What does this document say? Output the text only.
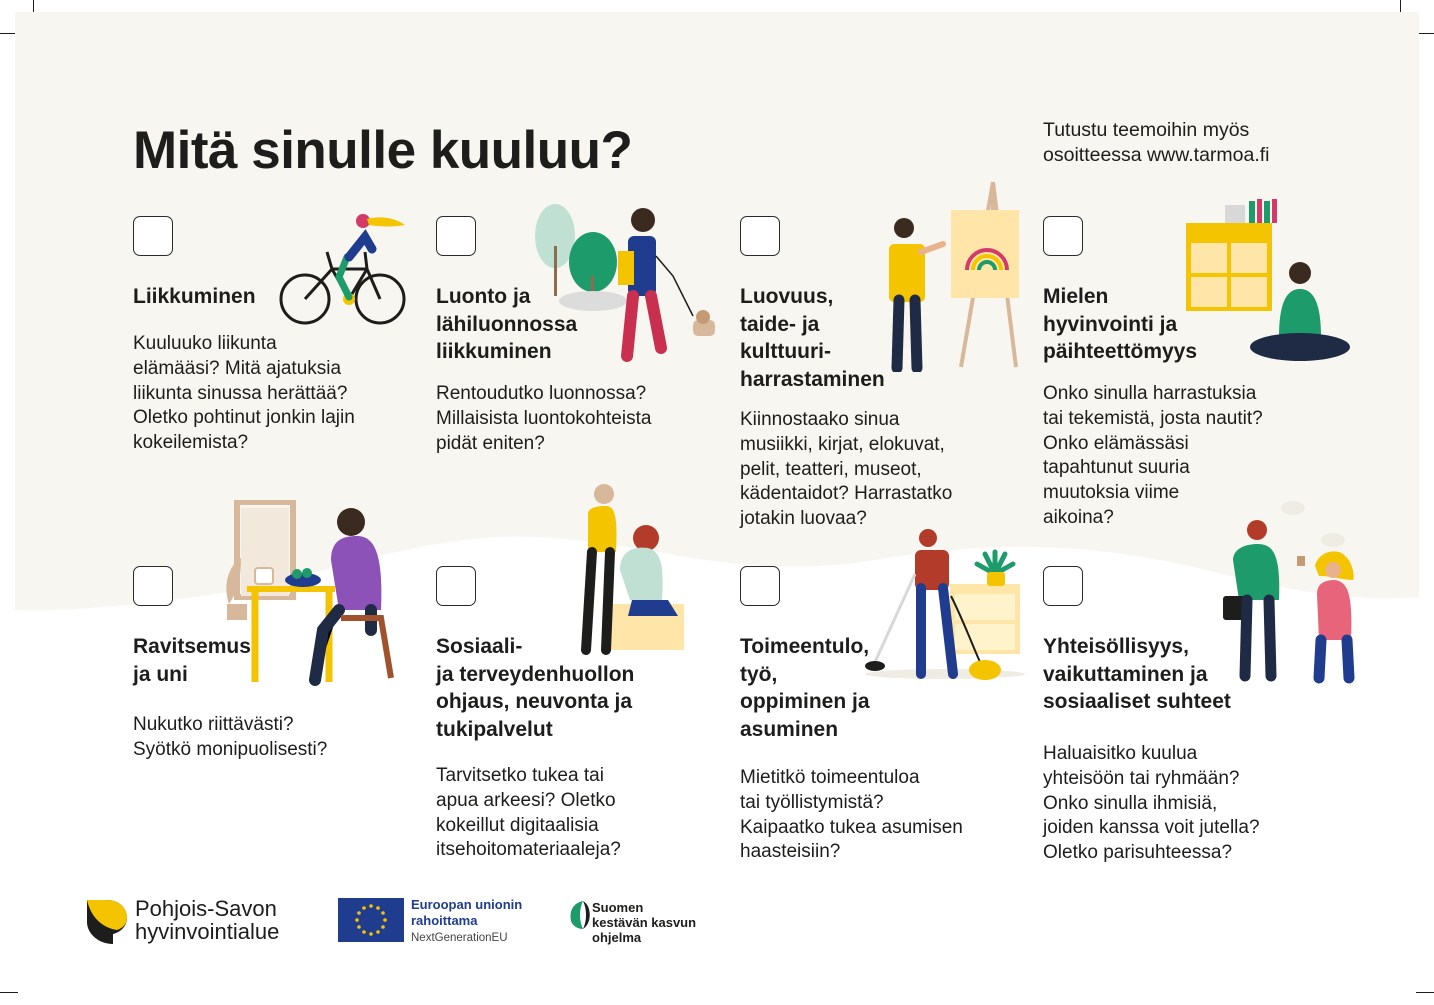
Mitä sinulle kuuluu?	Tutustu teemoihin myös
osoitteessa www.tarmoa.fi
Liikkuminen
Kuuluuko liikunta
elämääsi? Mitä ajatuksia
liikunta sinussa herättää?
Oletko pohtinut jonkin lajin
kokeilemista?
Luonto ja
lähiluonnossa
liikkuminen
Rentoudutko luonnossa?
Millaisista luontokohteista
pidät eniten?
Luovuus,
taide- ja
kulttuuri-
harrastaminen
Kiinnostaako sinua
musiikki, kirjat, elokuvat,
pelit, teatteri, museot,
kädentaidot? Harrastatko
jotakin luovaa?
Mielen
hyvinvointi ja
päihteettömyys
Onko sinulla harrastuksia
tai tekemistä, josta nautit?
Onko elämässäsi
tapahtunut suuria
muutoksia viime
aikoina?
Ravitsemus
ja uni
Nukutko riittävästi?
Syötkö monipuolisesti?
Sosiaali-
ja terveydenhuollon
ohjaus, neuvonta ja
tukipalvelut
Tarvitsetko tukea tai
apua arkeesi? Oletko
kokeillut digitaalisia
itsehoitomateriaaleja?
Toimeentulo,
työ,
oppiminen ja
asuminen
Mietitkö toimeentuloa
tai työllistymistä?
Kaipaatko tukea asumisen
haasteisiin?
Yhteisöllisyys,
vaikuttaminen ja
sosiaaliset suhteet
Haluaisitko kuulua
yhteisöön tai ryhmään?
Onko sinulla ihmisiä,
joiden kanssa voit jutella?
Oletko parisuhteessa?
Pohjois-Savon
hyvinvointialue
Euroopan unionin
rahoittama
NextGenerationEU
Suomen
kestävän kasvun
ohjelma
